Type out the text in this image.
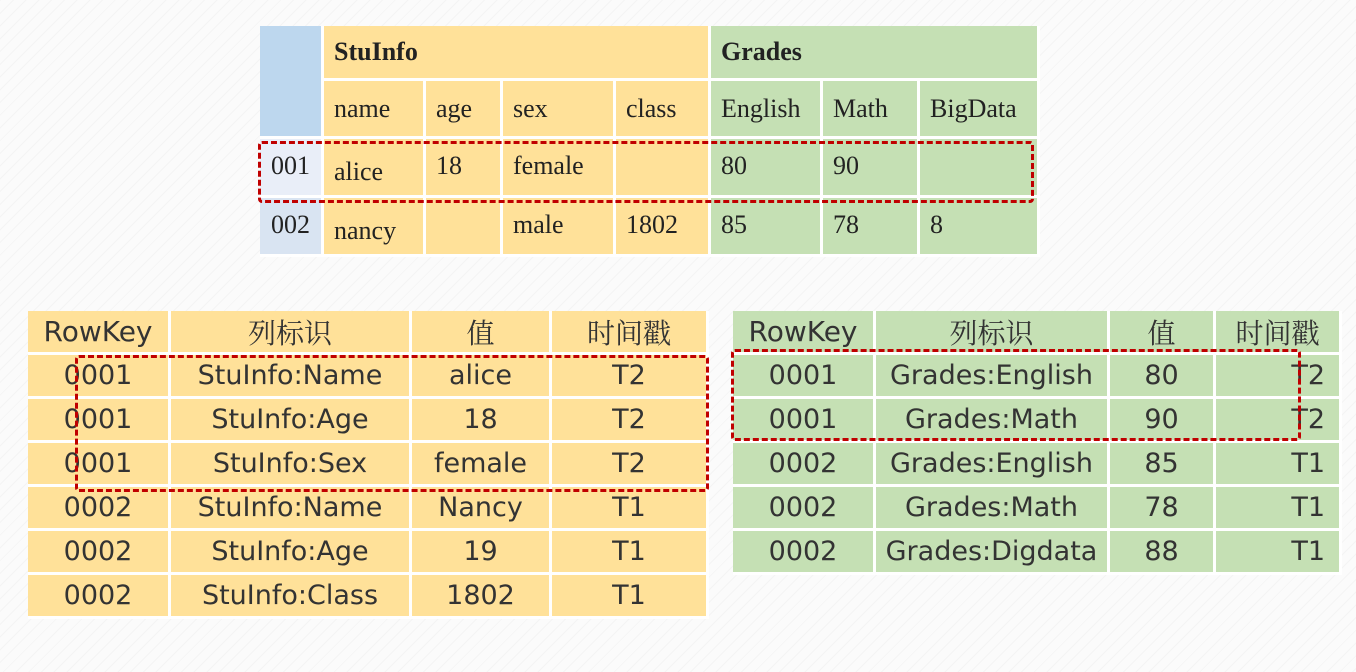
	StuInfo				Grades		
	name	age	sex	class	English	Math	BigData
001	alice	18	female		80	90	
002	nancy		male	1802	85	78	8
RowKey	列标识	值	时间戳
0001	StuInfo:Name	alice	T2
0001	StuInfo:Age	18	T2
0001	StuInfo:Sex	female	T2
0002	StuInfo:Name	Nancy	T1
0002	StuInfo:Age	19	T1
0002	StuInfo:Class	1802	T1
RowKey	列标识	值	时间戳
0001	Grades:English	80	T2
0001	Grades:Math	90	T2
0002	Grades:English	85	T1
0002	Grades:Math	78	T1
0002	Grades:Digdata	88	T1
